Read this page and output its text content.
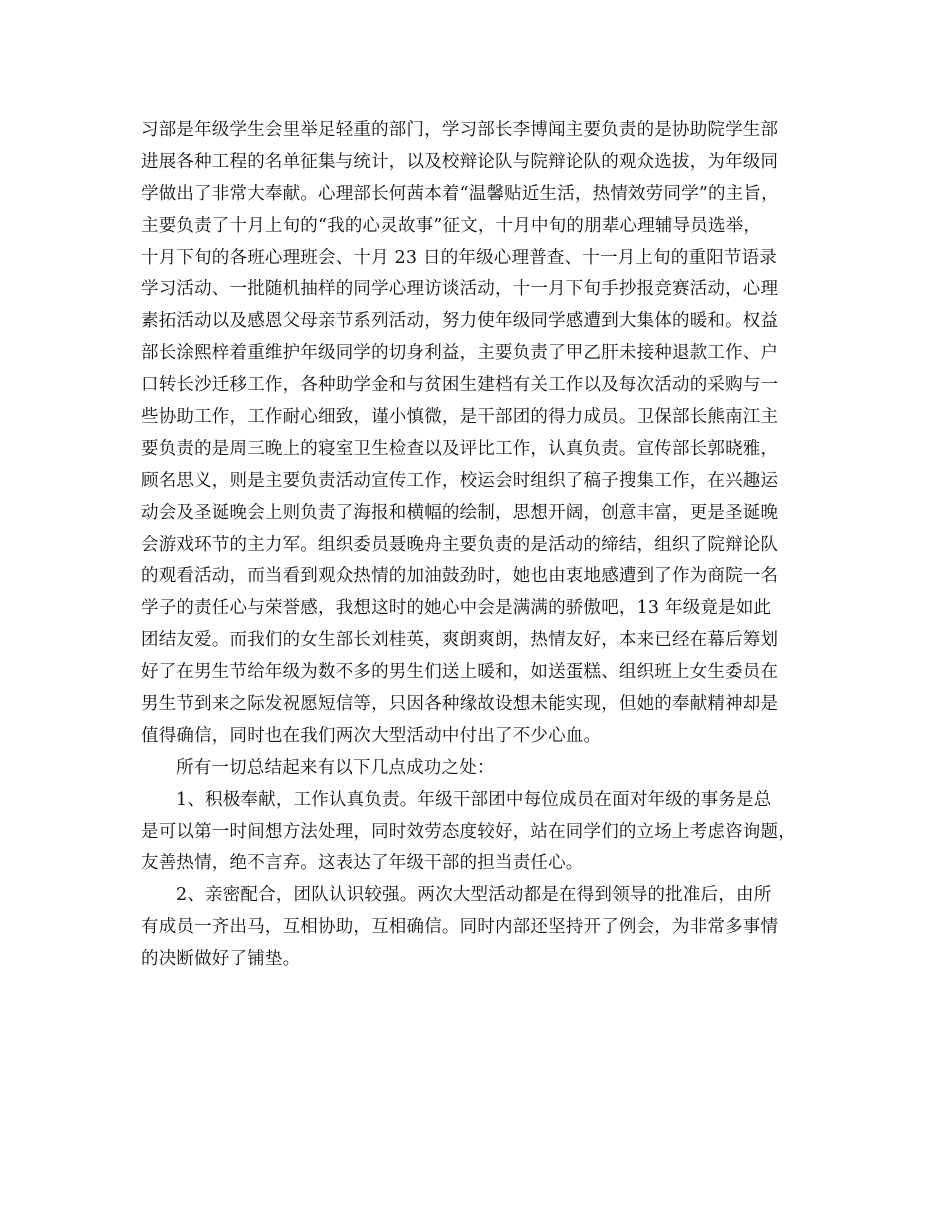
习部是年级学生会里举足轻重的部门，学习部长李博闻主要负责的是协助院学生部
进展各种工程的名单征集与统计，以及校辩论队与院辩论队的观众选拔，为年级同
学做出了非常大奉献。心理部长何茜本着“温馨贴近生活，热情效劳同学”的主旨，
主要负责了十月上旬的“我的心灵故事”征文，十月中旬的朋辈心理辅导员选举，
十月下旬的各班心理班会、十月 23 日的年级心理普查、十一月上旬的重阳节语录
学习活动、一批随机抽样的同学心理访谈活动，十一月下旬手抄报竞赛活动，心理
素拓活动以及感恩父母亲节系列活动，努力使年级同学感遭到大集体的暖和。权益
部长涂熙梓着重维护年级同学的切身利益，主要负责了甲乙肝未接种退款工作、户
口转长沙迁移工作，各种助学金和与贫困生建档有关工作以及每次活动的采购与一
些协助工作，工作耐心细致，谨小慎微，是干部团的得力成员。卫保部长熊南江主
要负责的是周三晚上的寝室卫生检查以及评比工作，认真负责。宣传部长郭晓雅，
顾名思义，则是主要负责活动宣传工作，校运会时组织了稿子搜集工作，在兴趣运
动会及圣诞晚会上则负责了海报和横幅的绘制，思想开阔，创意丰富，更是圣诞晚
会游戏环节的主力军。组织委员聂晚舟主要负责的是活动的缔结，组织了院辩论队
的观看活动，而当看到观众热情的加油鼓劲时，她也由衷地感遭到了作为商院一名
学子的责任心与荣誉感，我想这时的她心中会是满满的骄傲吧，13 年级竟是如此
团结友爱。而我们的女生部长刘桂英，爽朗爽朗，热情友好，本来已经在幕后筹划
好了在男生节给年级为数不多的男生们送上暖和，如送蛋糕、组织班上女生委员在
男生节到来之际发祝愿短信等，只因各种缘故设想未能实现，但她的奉献精神却是
值得确信，同时也在我们两次大型活动中付出了不少心血。
所有一切总结起来有以下几点成功之处：
1、积极奉献，工作认真负责。年级干部团中每位成员在面对年级的事务是总
是可以第一时间想方法处理，同时效劳态度较好，站在同学们的立场上考虑咨询题，
友善热情，绝不言弃。这表达了年级干部的担当责任心。
2、亲密配合，团队认识较强。两次大型活动都是在得到领导的批准后，由所
有成员一齐出马，互相协助，互相确信。同时内部还坚持开了例会，为非常多事情
的决断做好了铺垫。
